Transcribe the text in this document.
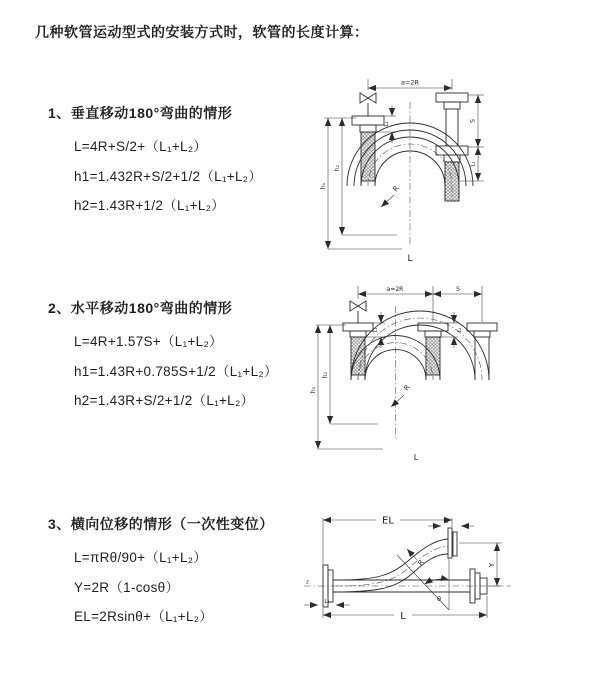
几种软管运动型式的安装方式时，软管的长度计算：
1、垂直移动180°弯曲的情形
L=4R+S/2+（L₁+L₂）
h1=1.432R+S/2+1/2（L₁+L₂）
h2=1.43R+1/2（L₁+L₂）
2、水平移动180°弯曲的情形
L=4R+1.57S+（L₁+L₂）
h1=1.43R+0.785S+1/2（L₁+L₂）
h2=1.43R+S/2+1/2（L₁+L₂）
3、横向位移的情形（一次性变位）
L=πRθ/90+（L₁+L₂）
Y=2R（1-cosθ）
EL=2Rsinθ+（L₁+L₂）
a=2R
R
L
h₂
h₁
S
L₁
L₁
a=2R	S
R
L
h₂
h₁
L₁	L₁
z
EL	L₁
Y
R
θ
L
L₁
